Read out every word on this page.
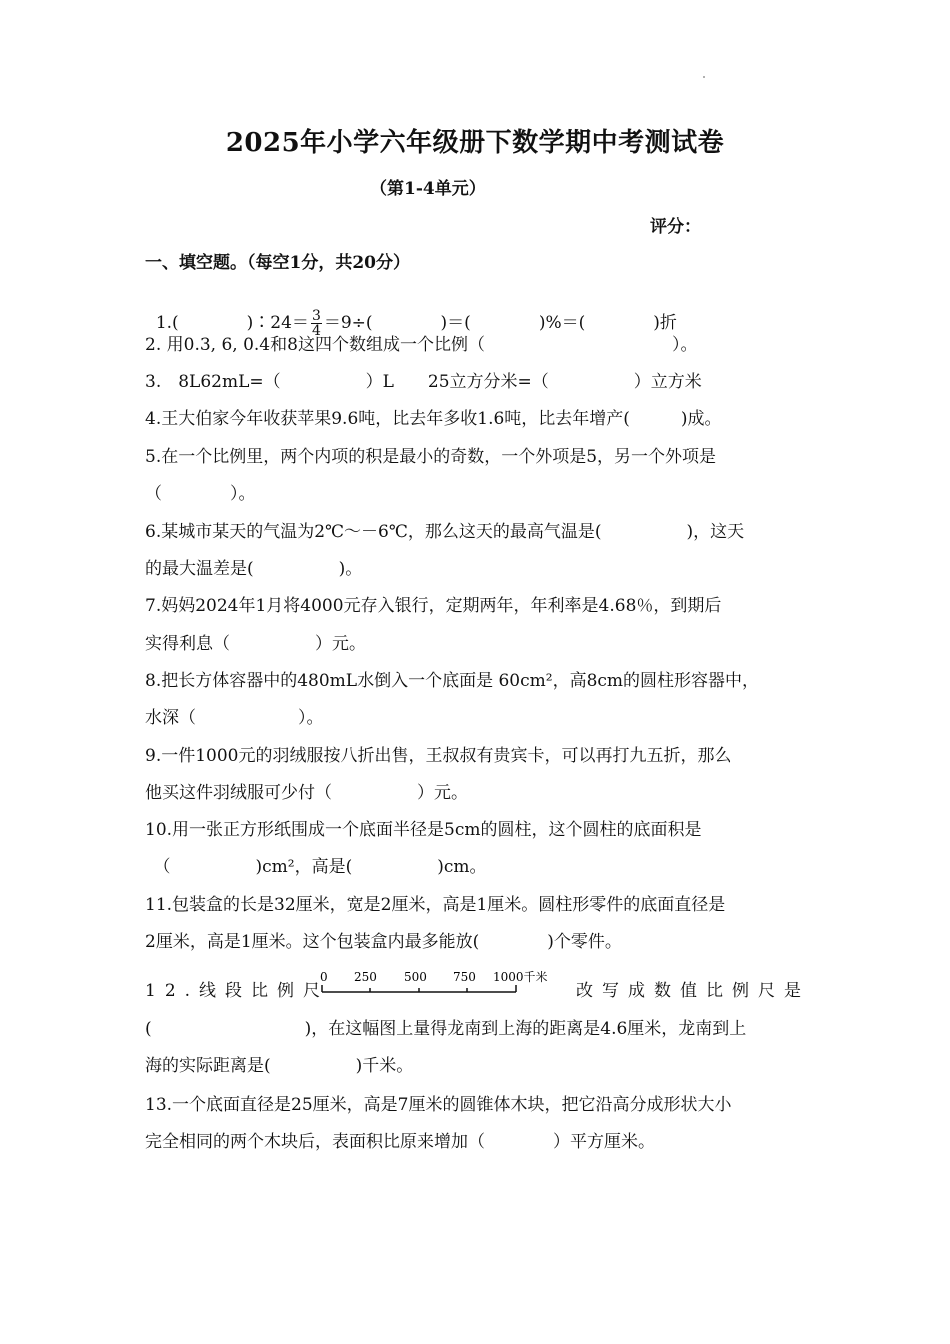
2025年小学六年级册下数学期中考测试卷
（第1-4单元）
评分：
一、填空题。（每空1分，共20分）

1.(　　　　)∶24＝ $\frac{3}{4} =9\div$(　　　　)＝(　　　　)%＝(　　　　)折

2. 用0.3, 6, 0.4和8这四个数组成一个比例（　　　　　　　　　　　）。
3.　8L62mL=（　　　　　）L　　25立方分米=（　　　　　）立方米
4.王大伯家今年收获苹果9.6吨，比去年多收1.6吨，比去年增产(　　　)成。
5.在一个比例里，两个内项的积是最小的奇数，一个外项是5，另一个外项是
（　　　　）。
6.某城市某天的气温为2℃～－6℃，那么这天的最高气温是(　　　　　)，这天
的最大温差是(　　　　　)。
7.妈妈2024年1月将4000元存入银行，定期两年，年利率是4.68％，到期后
实得利息（　　　　　）元。
8.把长方体容器中的480mL水倒入一个底面是 60cm²，高8cm的圆柱形容器中，
水深（　　　　　　）。
9.一件1000元的羽绒服按八折出售，王叔叔有贵宾卡，可以再打九五折，那么
他买这件羽绒服可少付（　　　　　）元。
10.用一张正方形纸围成一个底面半径是5cm的圆柱，这个圆柱的底面积是
　（　　　　　)cm²，高是(　　　　　)cm。
11.包装盒的长是32厘米，宽是2厘米，高是1厘米。圆柱形零件的底面直径是
2厘米，高是1厘米。这个包装盒内最多能放(　　　　)个零件。
12.线段比例尺
0 250 500 750 1000千米
改写成数值比例尺是
(　　　　　　　　　)，在这幅图上量得龙南到上海的距离是4.6厘米，龙南到上
海的实际距离是(　　　　　)千米。
13.一个底面直径是25厘米，高是7厘米的圆锥体木块，把它沿高分成形状大小
完全相同的两个木块后，表面积比原来增加（　　　　）平方厘米。
